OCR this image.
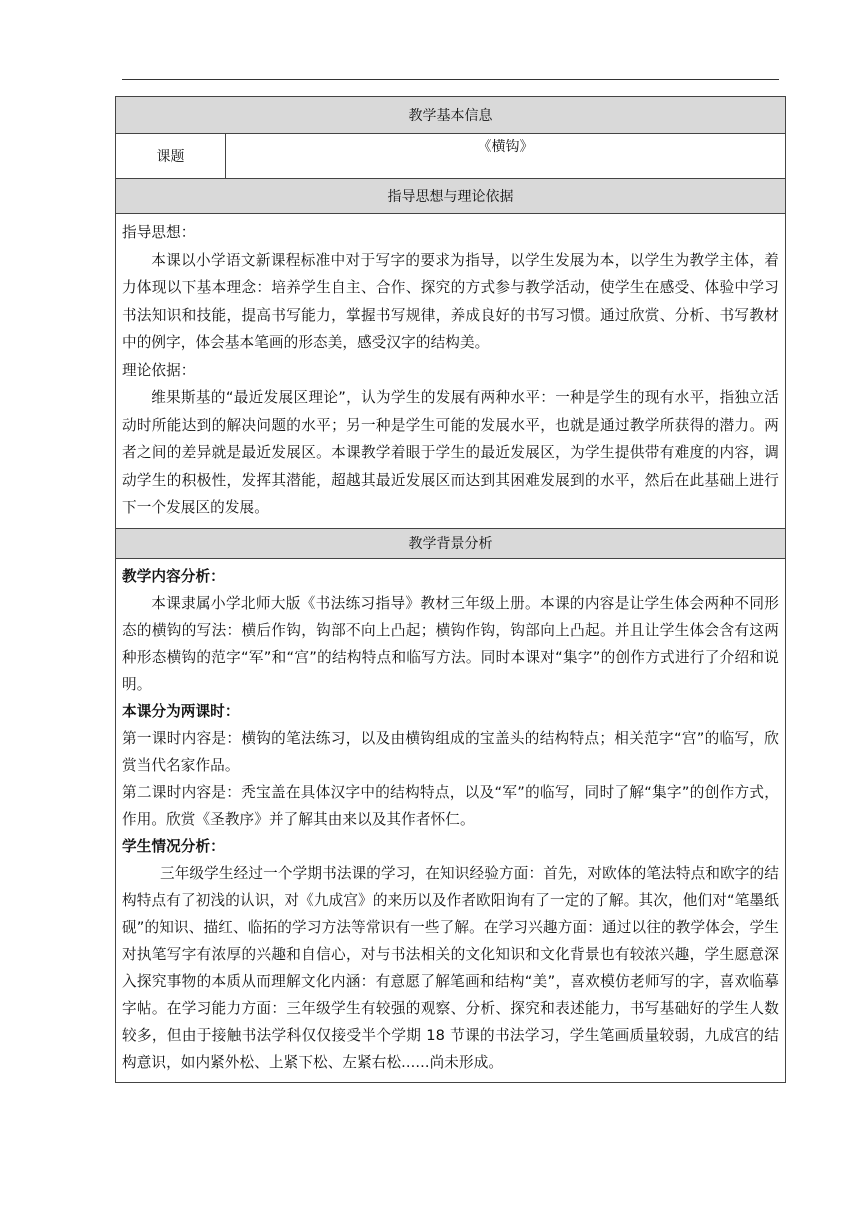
教学基本信息
课题	《横钩》
指导思想与理论依据

指导思想：

本课以小学语文新课程标准中对于写字的要求为指导，以学生发展为本，以学生为教学主体，着力体现以下基本理念：培养学生自主、合作、探究的方式参与教学活动，使学生在感受、体验中学习书法知识和技能，提高书写能力，掌握书写规律，养成良好的书写习惯。通过欣赏、分析、书写教材中的例字，体会基本笔画的形态美，感受汉字的结构美。

理论依据：

维果斯基的“最近发展区理论”，认为学生的发展有两种水平：一种是学生的现有水平，指独立活动时所能达到的解决问题的水平；另一种是学生可能的发展水平，也就是通过教学所获得的潜力。两者之间的差异就是最近发展区。本课教学着眼于学生的最近发展区，为学生提供带有难度的内容，调动学生的积极性，发挥其潜能，超越其最近发展区而达到其困难发展到的水平，然后在此基础上进行下一个发展区的发展。

教学背景分析

教学内容分析：

本课隶属小学北师大版《书法练习指导》教材三年级上册。本课的内容是让学生体会两种不同形态的横钩的写法：横后作钩，钩部不向上凸起；横钩作钩，钩部向上凸起。并且让学生体会含有这两种形态横钩的范字“军”和“宫”的结构特点和临写方法。同时本课对“集字”的创作方式进行了介绍和说明。

本课分为两课时：

第一课时内容是：横钩的笔法练习，以及由横钩组成的宝盖头的结构特点；相关范字“宫”的临写，欣赏当代名家作品。

第二课时内容是：秃宝盖在具体汉字中的结构特点，以及“军”的临写，同时了解“集字”的创作方式，作用。欣赏《圣教序》并了解其由来以及其作者怀仁。

学生情况分析：

三年级学生经过一个学期书法课的学习，在知识经验方面：首先，对欧体的笔法特点和欧字的结构特点有了初浅的认识，对《九成宫》的来历以及作者欧阳询有了一定的了解。其次，他们对“笔墨纸砚”的知识、描红、临拓的学习方法等常识有一些了解。在学习兴趣方面：通过以往的教学体会，学生对执笔写字有浓厚的兴趣和自信心，对与书法相关的文化知识和文化背景也有较浓兴趣，学生愿意深入探究事物的本质从而理解文化内涵：有意愿了解笔画和结构“美”，喜欢模仿老师写的字，喜欢临摹字帖。在学习能力方面：三年级学生有较强的观察、分析、探究和表述能力，书写基础好的学生人数较多，但由于接触书法学科仅仅接受半个学期 18 节课的书法学习，学生笔画质量较弱，九成宫的结构意识，如内紧外松、上紧下松、左紧右松......尚未形成。
